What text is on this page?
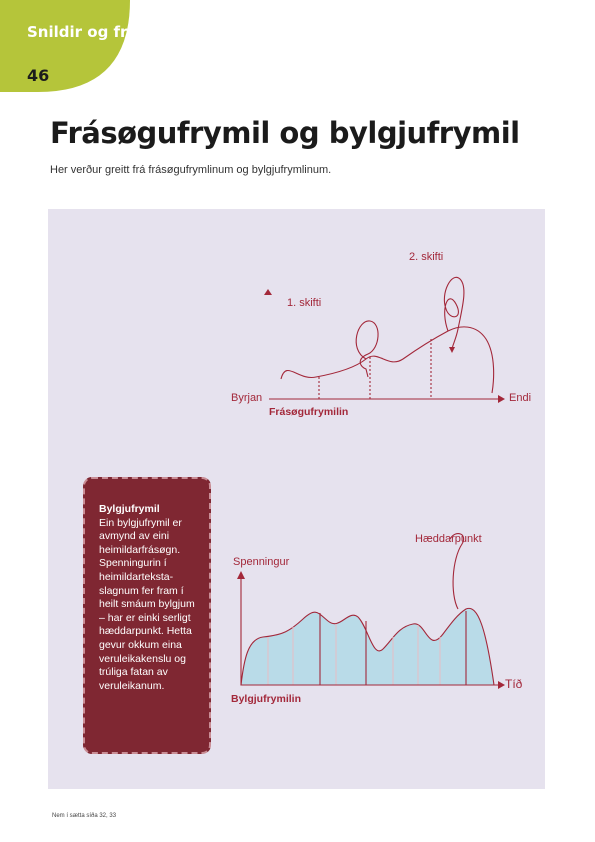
Snildir og frymlar
46
Frásøgufrymil og bylgjufrymil
Her verður greitt frá frásøgufrymlinum og bylgjufrymlinum.
Byrjan	Endi
Frásøgufrymilin
1. skifti
2. skifti
Spenningur
Tíð
Hæddarpunkt
Bylgjufrymilin
Bylgjufrymil
Ein bylgjufrymil er avmynd av eini heimildarfrásøgn. Spenningurin í heimildarteksta-slagnum fer fram í heilt smáum bylgjum – har er einki serligt hæddarpunkt. Hetta gevur okkum eina veruleikakenslu og trúliga fatan av veruleikanum.
Nem í sætta síða 32, 33
